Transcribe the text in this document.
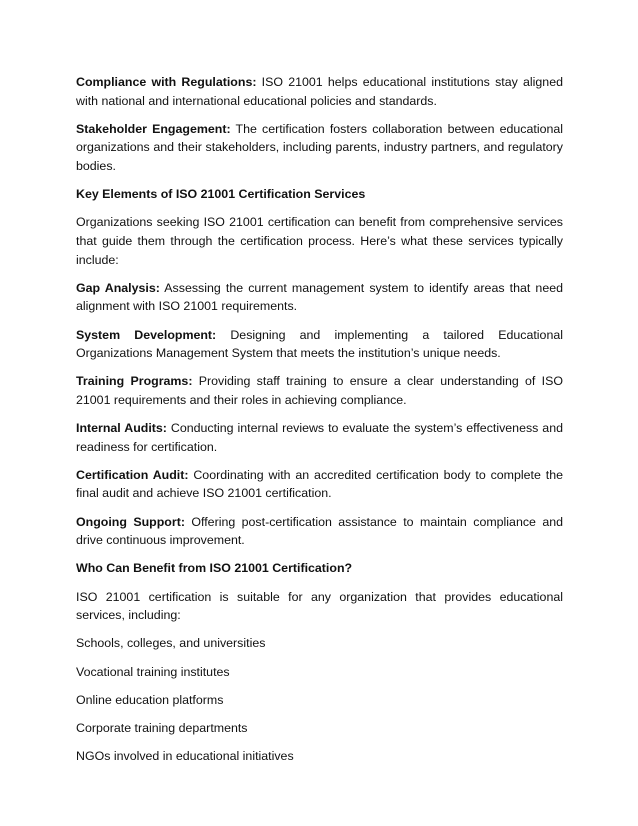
Compliance with Regulations: ISO 21001 helps educational institutions stay aligned with national and international educational policies and standards.

Stakeholder Engagement: The certification fosters collaboration between educational organizations and their stakeholders, including parents, industry partners, and regulatory bodies.

Key Elements of ISO 21001 Certification Services

Organizations seeking ISO 21001 certification can benefit from comprehensive services that guide them through the certification process. Here’s what these services typically include:

Gap Analysis: Assessing the current management system to identify areas that need alignment with ISO 21001 requirements.

System Development: Designing and implementing a tailored Educational Organizations Management System that meets the institution’s unique needs.

Training Programs: Providing staff training to ensure a clear understanding of ISO 21001 requirements and their roles in achieving compliance.

Internal Audits: Conducting internal reviews to evaluate the system’s effectiveness and readiness for certification.

Certification Audit: Coordinating with an accredited certification body to complete the final audit and achieve ISO 21001 certification.

Ongoing Support: Offering post-certification assistance to maintain compliance and drive continuous improvement.

Who Can Benefit from ISO 21001 Certification?

ISO 21001 certification is suitable for any organization that provides educational services, including:

Schools, colleges, and universities

Vocational training institutes

Online education platforms

Corporate training departments

NGOs involved in educational initiatives
